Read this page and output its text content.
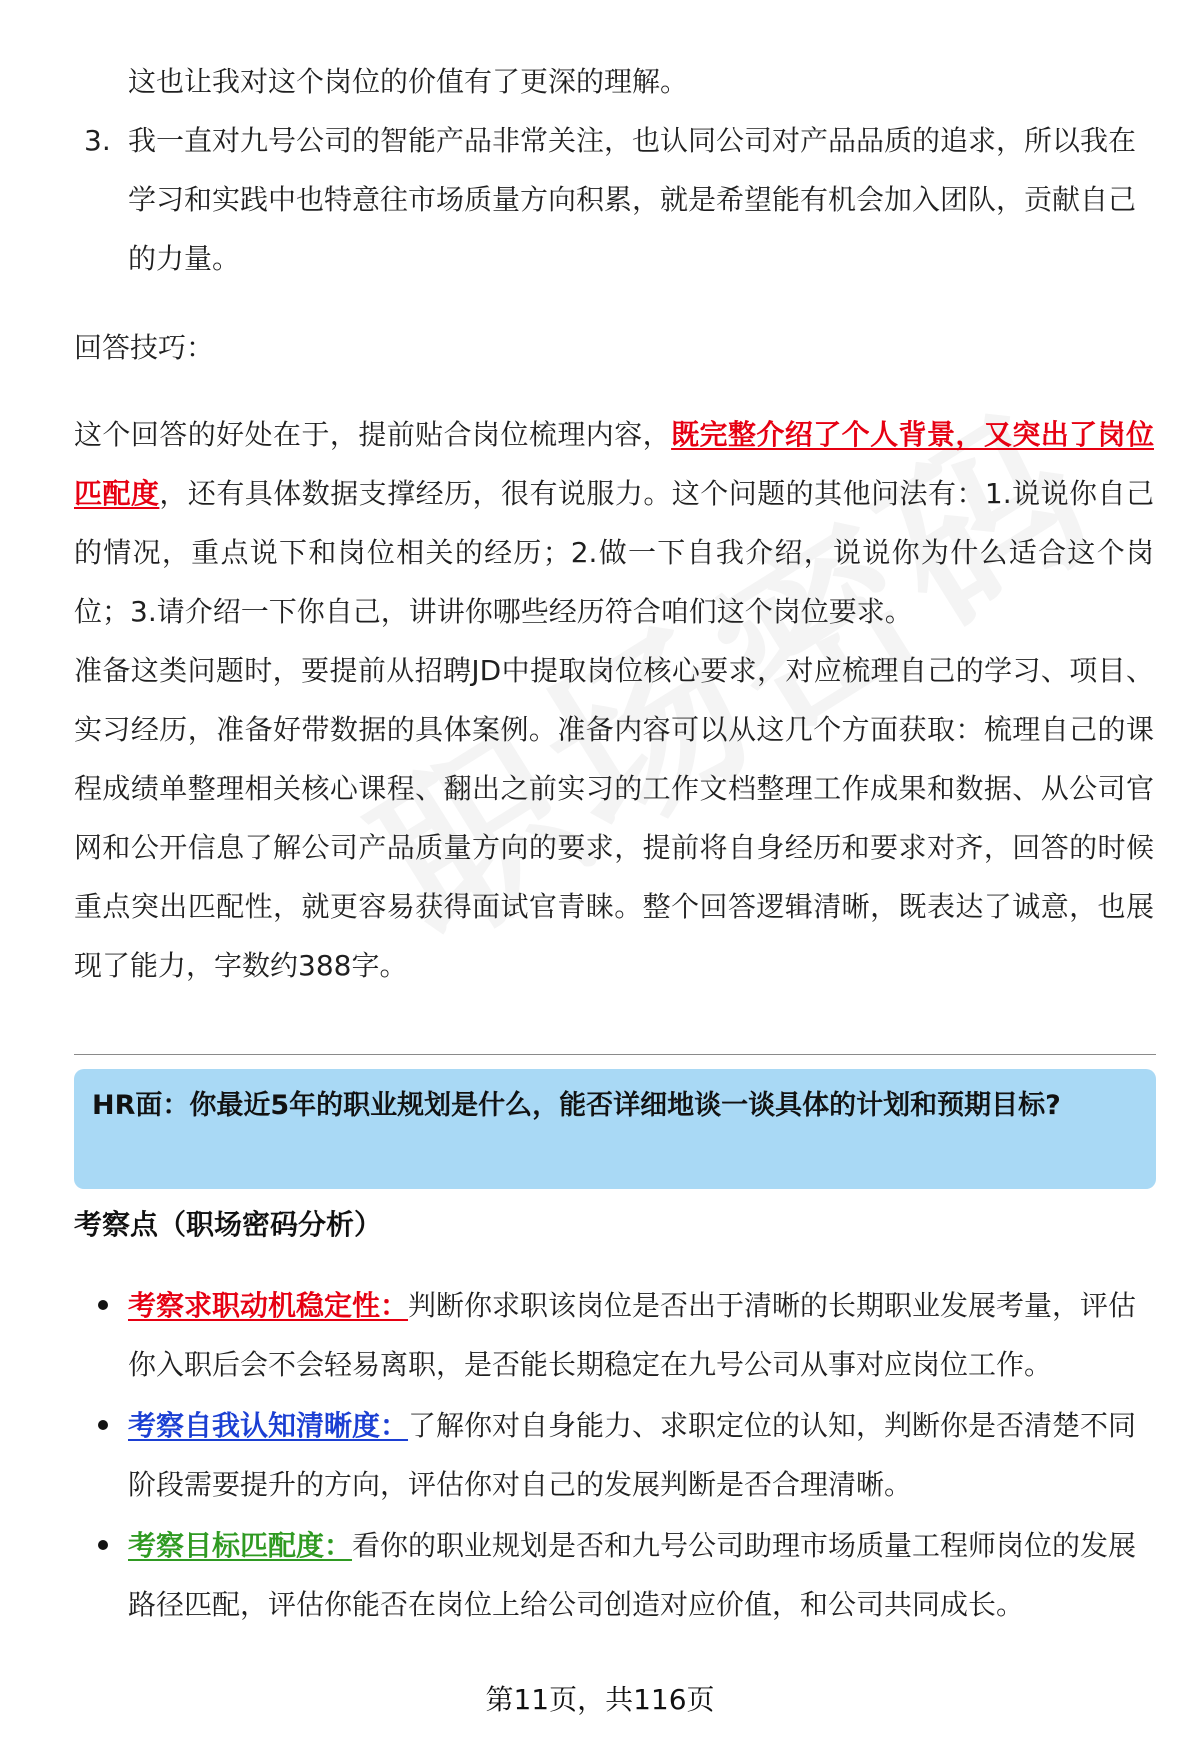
这也让我对这个岗位的价值有了更深的理解。
3. 我一直对九号公司的智能产品非常关注，也认同公司对产品品质的追求，所以我在学习和实践中也特意往市场质量方向积累，就是希望能有机会加入团队，贡献自己的力量。
回答技巧：

这个回答的好处在于，提前贴合岗位梳理内容，既完整介绍了个人背景，又突出了岗位匹配度，还有具体数据支撑经历，很有说服力。这个问题的其他问法有：1.说说你自己的情况，重点说下和岗位相关的经历；2.做一下自我介绍，说说你为什么适合这个岗位；3.请介绍一下你自己，讲讲你哪些经历符合咱们这个岗位要求。

准备这类问题时，要提前从招聘JD中提取岗位核心要求，对应梳理自己的学习、项目、实习经历，准备好带数据的具体案例。准备内容可以从这几个方面获取：梳理自己的课程成绩单整理相关核心课程、翻出之前实习的工作文档整理工作成果和数据、从公司官网和公开信息了解公司产品质量方向的要求，提前将自身经历和要求对齐，回答的时候重点突出匹配性，就更容易获得面试官青睐。整个回答逻辑清晰，既表达了诚意，也展现了能力，字数约388字。

HR面：你最近5年的职业规划是什么，能否详细地谈一谈具体的计划和预期目标?
考察点（职场密码分析）
考察求职动机稳定性：判断你求职该岗位是否出于清晰的长期职业发展考量，评估你入职后会不会轻易离职，是否能长期稳定在九号公司从事对应岗位工作。
考察自我认知清晰度：了解你对自身能力、求职定位的认知，判断你是否清楚不同阶段需要提升的方向，评估你对自己的发展判断是否合理清晰。
考察目标匹配度：看你的职业规划是否和九号公司助理市场质量工程师岗位的发展路径匹配，评估你能否在岗位上给公司创造对应价值，和公司共同成长。
第11页，共116页
